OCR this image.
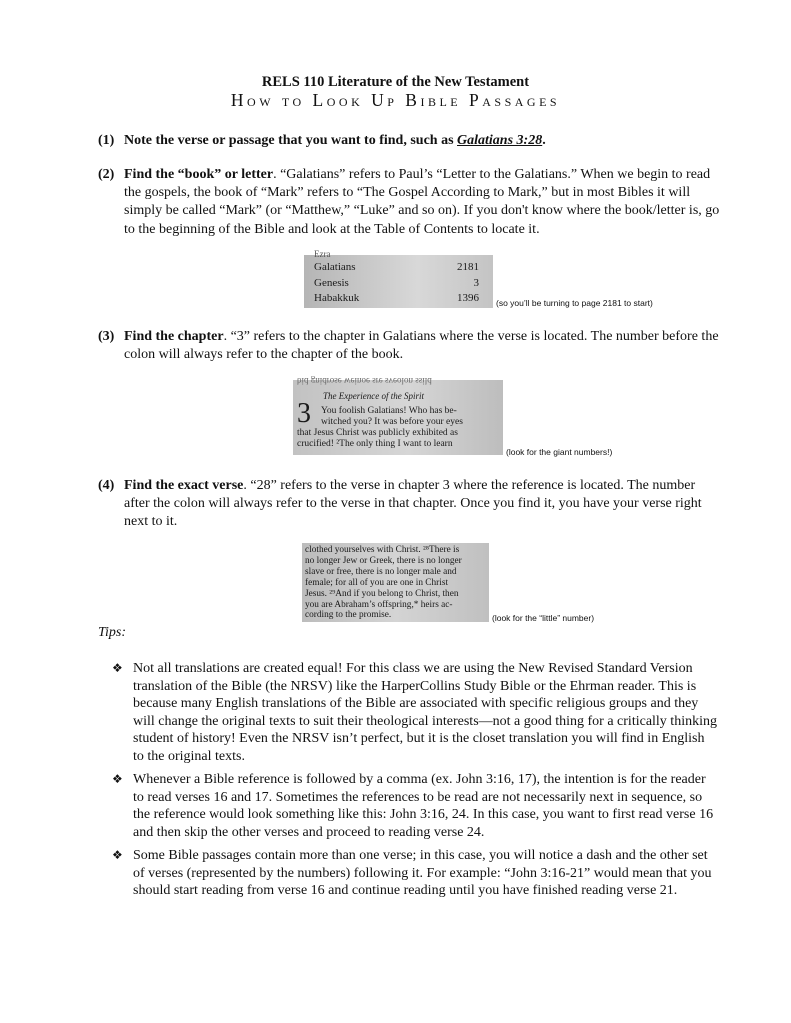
RELS 110 Literature of the New Testament
How to Look Up Bible Passages
(1) Note the verse or passage that you want to find, such as Galatians 3:28.
(2) Find the “book” or letter. “Galatians” refers to Paul’s “Letter to the Galatians.” When we begin to read the gospels, the book of “Mark” refers to “The Gospel According to Mark,” but in most Bibles it will simply be called “Mark” (or “Matthew,” “Luke” and so on). If you don't know where the book/letter is, go to the beginning of the Bible and look at the Table of Contents to locate it.
Ezra
Galatians	2181
Genesis	3
Habakkuk	1396 (so you’ll be turning to page 2181 to start)
(3) Find the chapter. “3” refers to the chapter in Galatians where the verse is located. The number before the colon will always refer to the chapter of the book.
bid gnidrose weinoe sre sveolon ssild
The Experience of the Spirit
3 You foolish Galatians! Who has be-
witched you? It was before your eyes
that Jesus Christ was publicly exhibited as
crucified! ²The only thing I want to learn
(look for the giant numbers!)
(4) Find the exact verse. “28” refers to the verse in chapter 3 where the reference is located. The number after the colon will always refer to the verse in that chapter. Once you find it, you have your verse right next to it.
clothed yourselves with Christ. ²⁸There is
no longer Jew or Greek, there is no longer
slave or free, there is no longer male and
female; for all of you are one in Christ
Jesus. ²⁹And if you belong to Christ, then
you are Abraham’s offspring,* heirs ac-
cording to the promise.	(look for the “little” number)
Tips:
❖ Not all translations are created equal! For this class we are using the New Revised Standard Version translation of the Bible (the NRSV) like the HarperCollins Study Bible or the Ehrman reader. This is because many English translations of the Bible are associated with specific religious groups and they will change the original texts to suit their theological interests—not a good thing for a critically thinking student of history! Even the NRSV isn’t perfect, but it is the closet translation you will find in English to the original texts.
❖ Whenever a Bible reference is followed by a comma (ex. John 3:16, 17), the intention is for the reader to read verses 16 and 17. Sometimes the references to be read are not necessarily next in sequence, so the reference would look something like this: John 3:16, 24. In this case, you want to first read verse 16 and then skip the other verses and proceed to reading verse 24.
❖ Some Bible passages contain more than one verse; in this case, you will notice a dash and the other set of verses (represented by the numbers) following it. For example: “John 3:16-21” would mean that you should start reading from verse 16 and continue reading until you have finished reading verse 21.
